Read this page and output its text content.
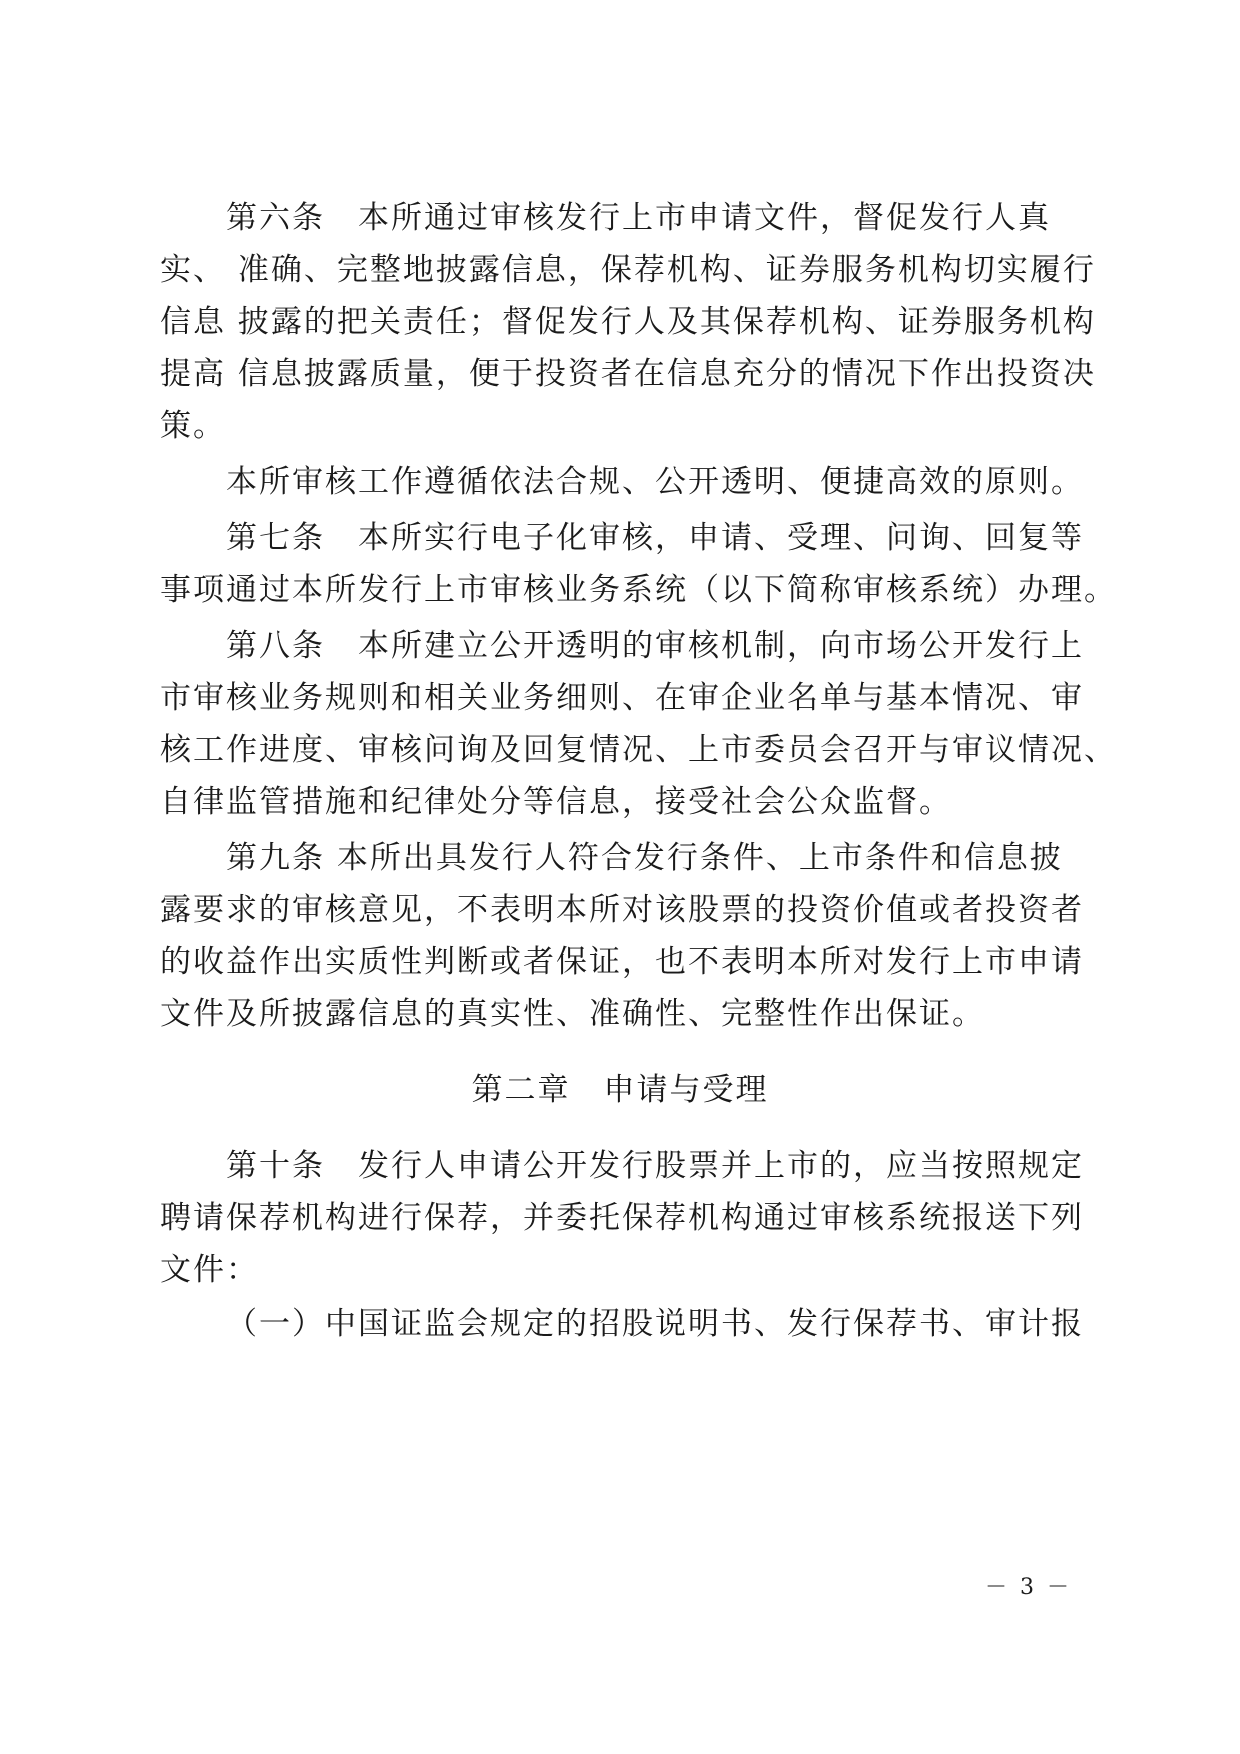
第六条　本所通过审核发行上市申请文件，督促发行人真
实、 准确、完整地披露信息，保荐机构、证券服务机构切实履行
信息 披露的把关责任；督促发行人及其保荐机构、证券服务机构
提高 信息披露质量，便于投资者在信息充分的情况下作出投资决
策。
本所审核工作遵循依法合规、公开透明、便捷高效的原则。
第七条　本所实行电子化审核，申请、受理、问询、回复等
事项通过本所发行上市审核业务系统（以下简称审核系统）办理。
第八条　本所建立公开透明的审核机制，向市场公开发行上
市审核业务规则和相关业务细则、在审企业名单与基本情况、审
核工作进度、审核问询及回复情况、上市委员会召开与审议情况、
自律监管措施和纪律处分等信息，接受社会公众监督。
第九条 本所出具发行人符合发行条件、上市条件和信息披
露要求的审核意见，不表明本所对该股票的投资价值或者投资者
的收益作出实质性判断或者保证，也不表明本所对发行上市申请
文件及所披露信息的真实性、准确性、完整性作出保证。
第二章　申请与受理
第十条　发行人申请公开发行股票并上市的，应当按照规定
聘请保荐机构进行保荐，并委托保荐机构通过审核系统报送下列
文件：
（一）中国证监会规定的招股说明书、发行保荐书、审计报
－ 3 －
